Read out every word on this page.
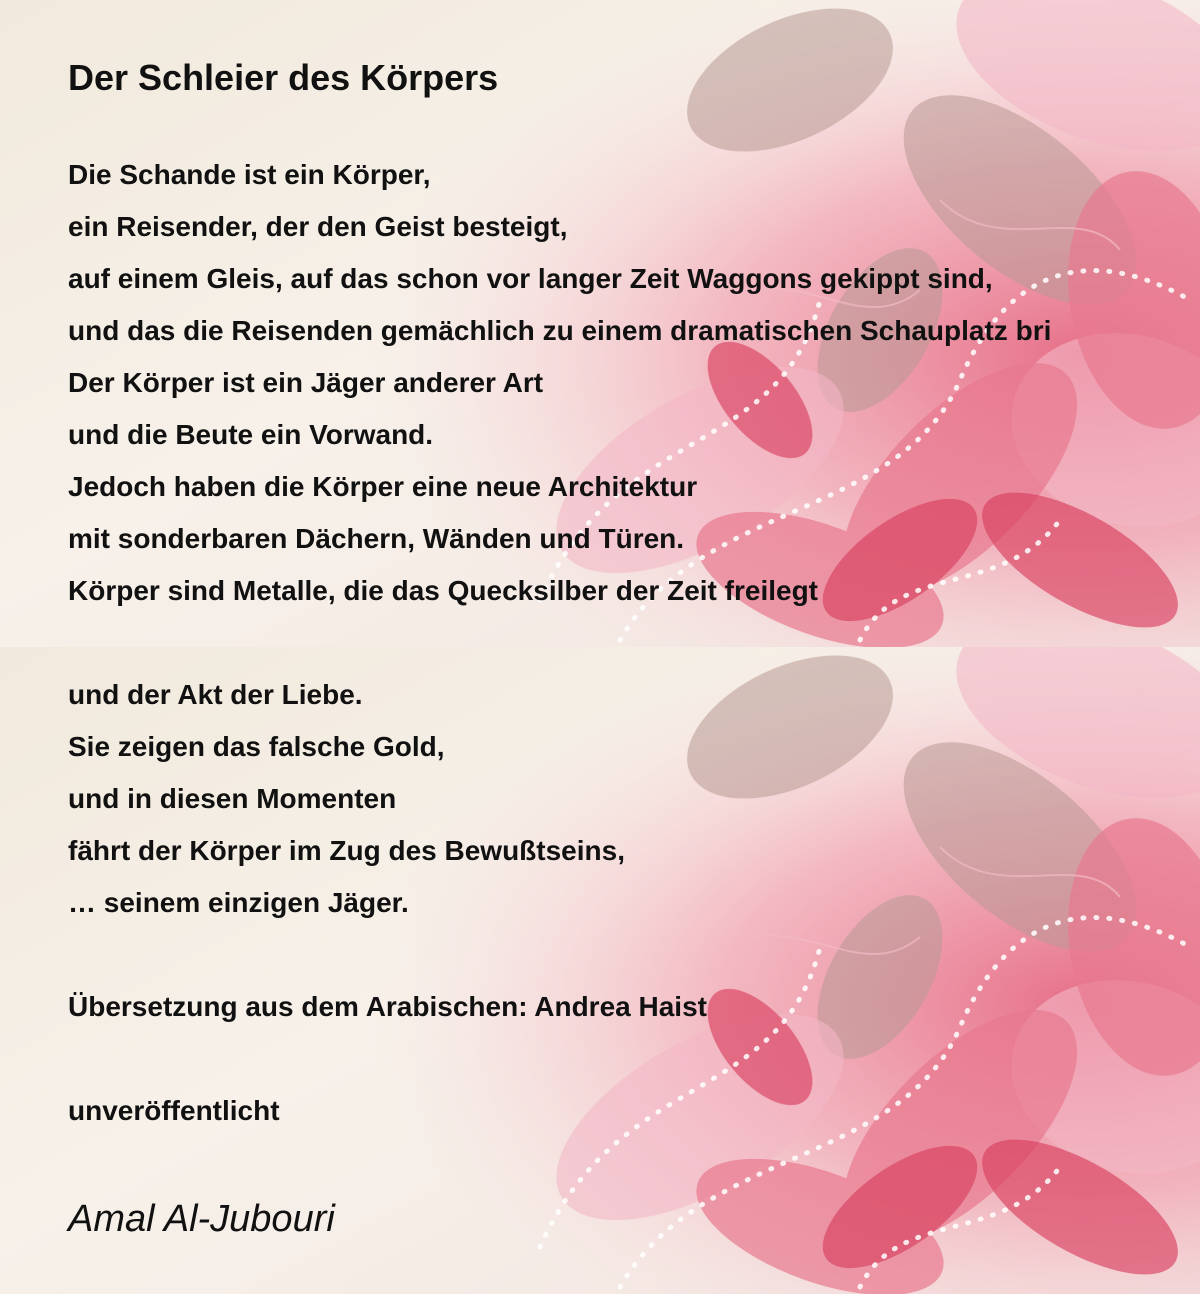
Der Schleier des Körpers
Die Schande ist ein Körper,
ein Reisender, der den Geist besteigt,
auf einem Gleis, auf das schon vor langer Zeit Waggons gekippt sind,
und das die Reisenden gemächlich zu einem dramatischen Schauplatz bri
Der Körper ist ein Jäger anderer Art
und die Beute ein Vorwand.
Jedoch haben die Körper eine neue Architektur
mit sonderbaren Dächern, Wänden und Türen.
Körper sind Metalle, die das Quecksilber der Zeit freilegt
und der Akt der Liebe.
Sie zeigen das falsche Gold,
und in diesen Momenten
fährt der Körper im Zug des Bewußtseins,
… seinem einzigen Jäger.
Übersetzung aus dem Arabischen: Andrea Haist
unveröffentlicht
Amal Al-Jubouri
